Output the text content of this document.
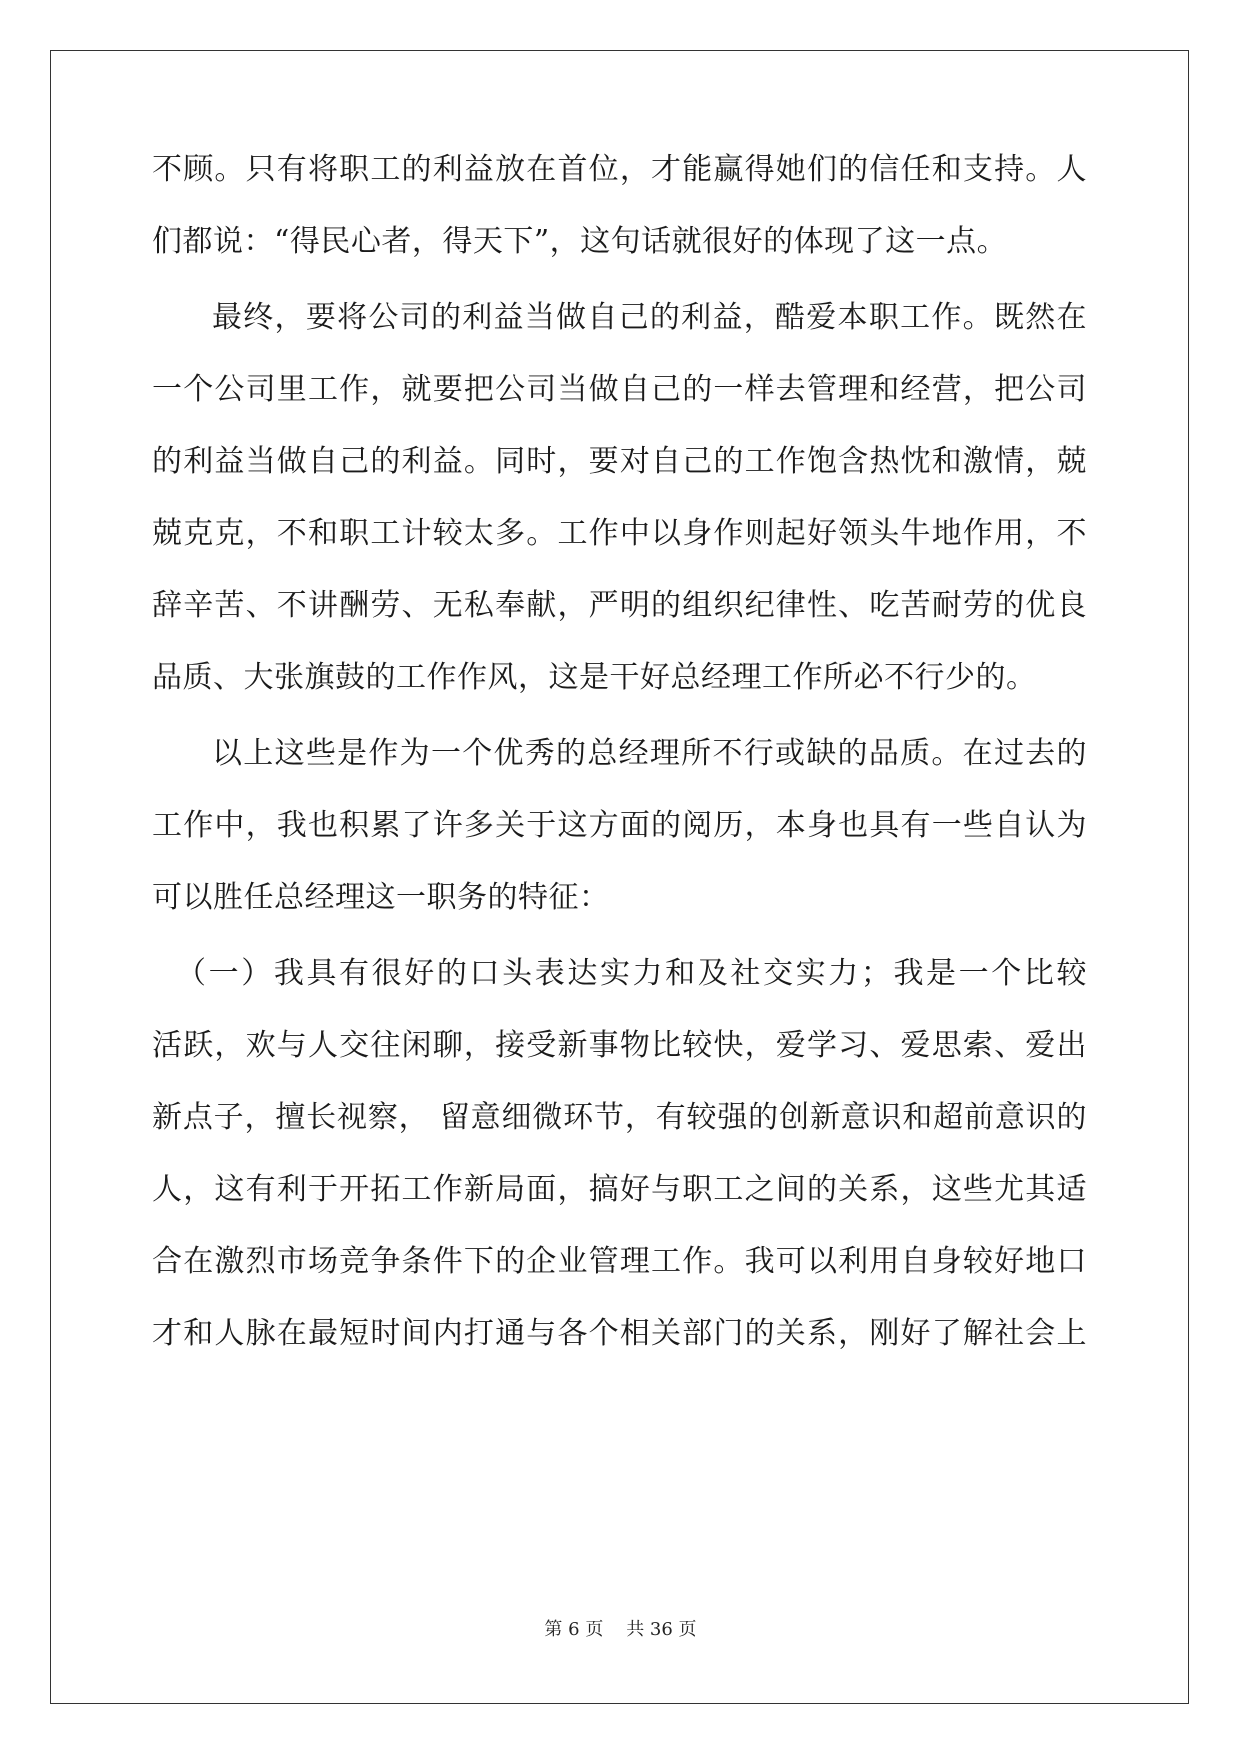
不顾。只有将职工的利益放在首位，才能赢得她们的信任和支持。人
们都说：“得民心者，得天下”，这句话就很好的体现了这一点。
最终，要将公司的利益当做自己的利益，酷爱本职工作。既然在
一个公司里工作，就要把公司当做自己的一样去管理和经营，把公司
的利益当做自己的利益。同时，要对自己的工作饱含热忱和激情，兢
兢克克，不和职工计较太多。工作中以身作则起好领头牛地作用，不
辞辛苦、不讲酬劳、无私奉献，严明的组织纪律性、吃苦耐劳的优良
品质、大张旗鼓的工作作风，这是干好总经理工作所必不行少的。
以上这些是作为一个优秀的总经理所不行或缺的品质。在过去的
工作中，我也积累了许多关于这方面的阅历，本身也具有一些自认为
可以胜任总经理这一职务的特征：
（一）我具有很好的口头表达实力和及社交实力；我是一个比较
活跃，欢与人交往闲聊，接受新事物比较快，爱学习、爱思索、爱出
新点子，擅长视察， 留意细微环节，有较强的创新意识和超前意识的
人，这有利于开拓工作新局面，搞好与职工之间的关系，这些尤其适
合在激烈市场竞争条件下的企业管理工作。我可以利用自身较好地口
才和人脉在最短时间内打通与各个相关部门的关系，刚好了解社会上
第 6 页    共 36 页
